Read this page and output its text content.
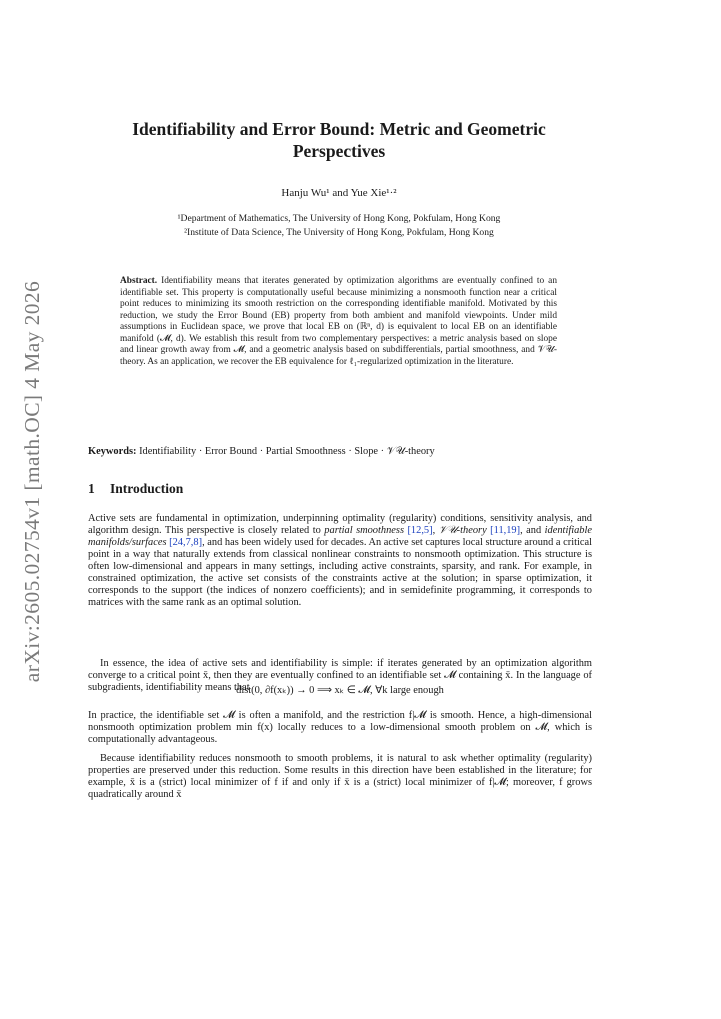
arXiv:2605.02754v1 [math.OC] 4 May 2026
Identifiability and Error Bound: Metric and Geometric Perspectives
Hanju Wu¹ and Yue Xie¹·²
¹Department of Mathematics, The University of Hong Kong, Pokfulam, Hong Kong
²Institute of Data Science, The University of Hong Kong, Pokfulam, Hong Kong

Abstract. Identifiability means that iterates generated by optimization algorithms are eventually confined to an identifiable set. This property is computationally useful because minimizing a nonsmooth function near a critical point reduces to minimizing its smooth restriction on the corresponding identifiable manifold. Motivated by this reduction, we study the Error Bound (EB) property from both ambient and manifold viewpoints. Under mild assumptions in Euclidean space, we prove that local EB on (ℝⁿ, d) is equivalent to local EB on an identifiable manifold (𝓜, d). We establish this result from two complementary perspectives: a metric analysis based on slope and linear growth away from 𝓜, and a geometric analysis based on subdifferentials, partial smoothness, and 𝒱𝒰-theory. As an application, we recover the EB equivalence for ℓ₁-regularized optimization in the literature.

Keywords: Identifiability · Error Bound · Partial Smoothness · Slope · 𝒱𝒰-theory
1 Introduction

Active sets are fundamental in optimization, underpinning optimality (regularity) conditions, sensitivity analysis, and algorithm design. This perspective is closely related to partial smoothness [12,5], 𝒱𝒰-theory [11,19], and identifiable manifolds/surfaces [24,7,8], and has been widely used for decades. An active set captures local structure around a critical point in a way that naturally extends from classical nonlinear constraints to nonsmooth optimization. This structure is often low-dimensional and appears in many settings, including active constraints, sparsity, and rank. For example, in constrained optimization, the active set consists of the constraints active at the solution; in sparse optimization, it corresponds to the support (the indices of nonzero coefficients); and in semidefinite programming, it corresponds to matrices with the same rank as an optimal solution.

In essence, the idea of active sets and identifiability is simple: if iterates generated by an optimization algorithm converge to a critical point x̄, then they are eventually confined to an identifiable set 𝓜 containing x̄. In the language of subgradients, identifiability means that

dist(0, ∂f(xₖ)) → 0 ⟹ xₖ ∈ 𝓜, ∀k large enough

In practice, the identifiable set 𝓜 is often a manifold, and the restriction f|𝓜 is smooth. Hence, a high-dimensional nonsmooth optimization problem min f(x) locally reduces to a low-dimensional smooth problem on 𝓜, which is computationally advantageous.

Because identifiability reduces nonsmooth to smooth problems, it is natural to ask whether optimality (regularity) properties are preserved under this reduction. Some results in this direction have been established in the literature; for example, x̄ is a (strict) local minimizer of f if and only if x̄ is a (strict) local minimizer of f|𝓜; moreover, f grows quadratically around x̄
